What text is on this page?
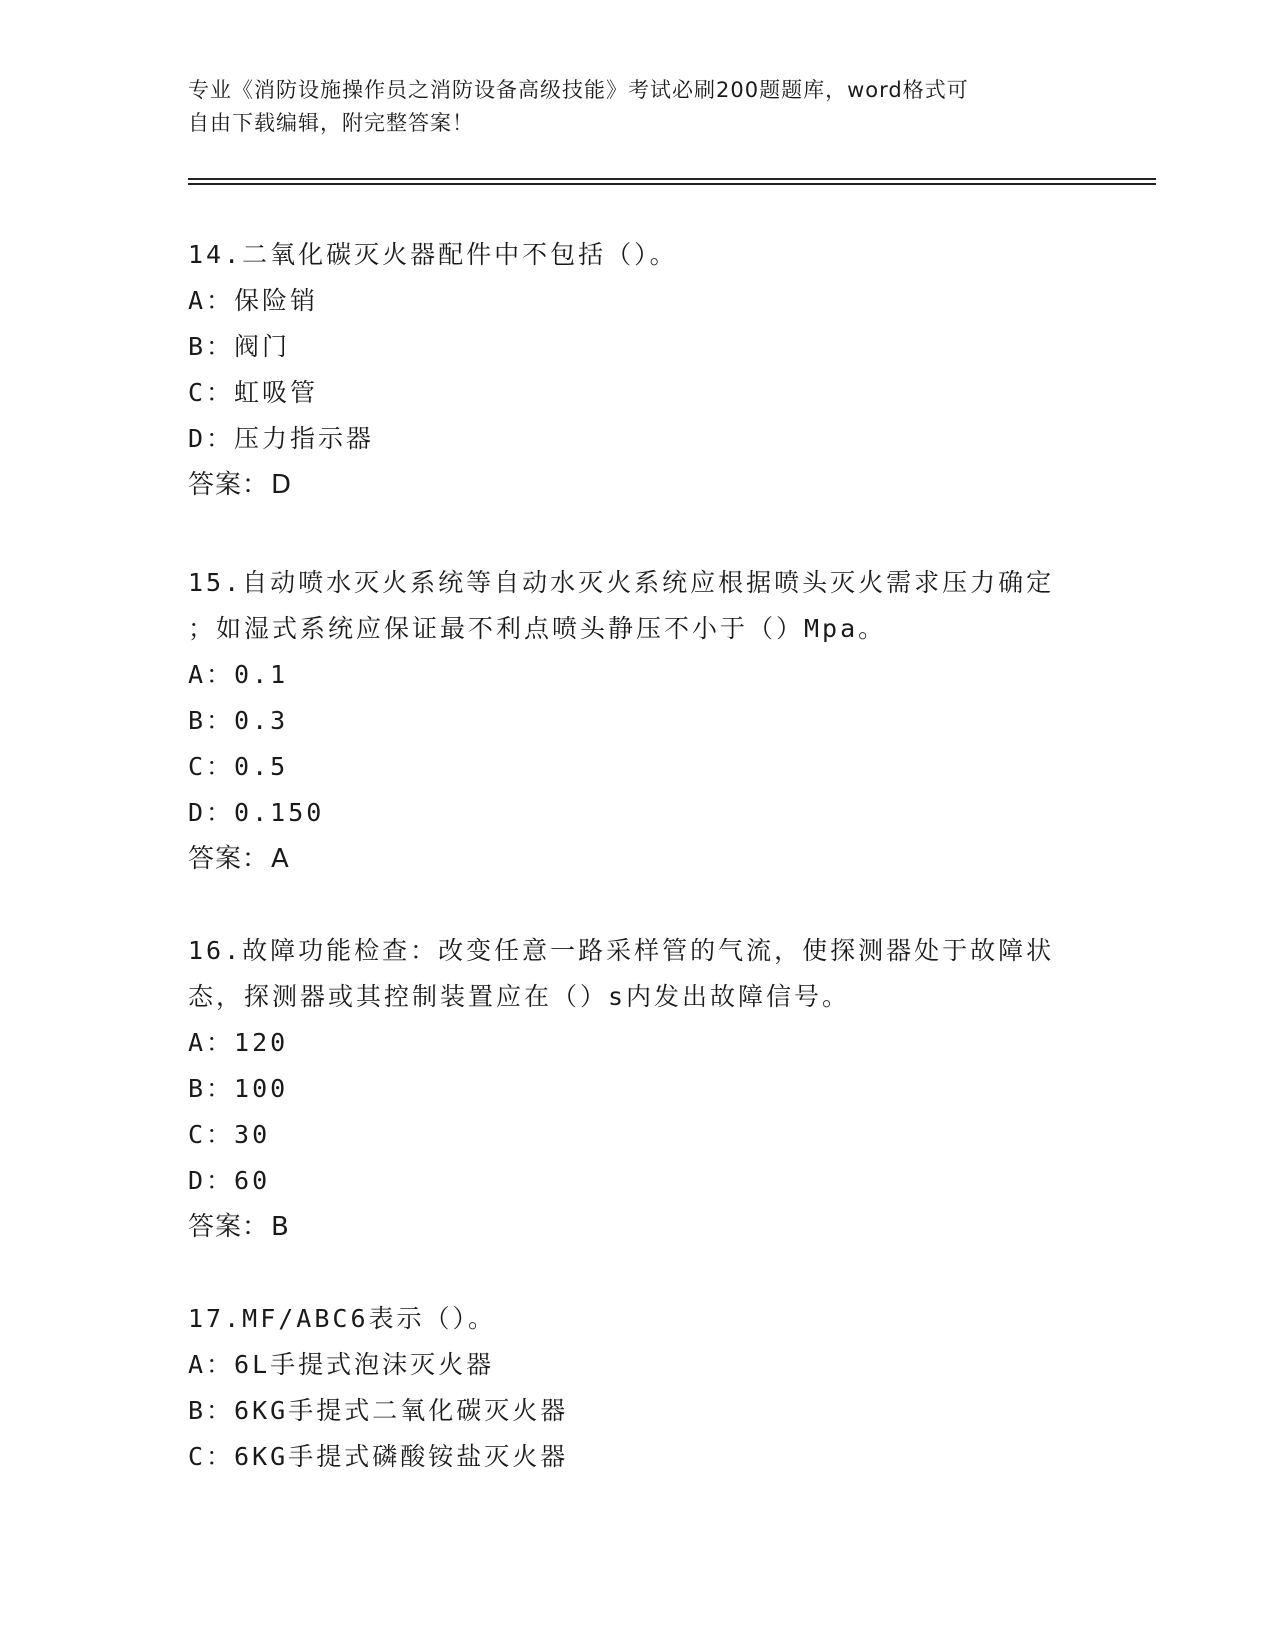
专业《消防设施操作员之消防设备高级技能》考试必刷200题题库，word格式可
自由下载编辑，附完整答案！
14.二氧化碳灭火器配件中不包括（）。
A：保险销
B：阀门
C：虹吸管
D：压力指示器
答案：D
15.自动喷水灭火系统等自动水灭火系统应根据喷头灭火需求压力确定
；如湿式系统应保证最不利点喷头静压不小于（）Mpa。
A：0.1
B：0.3
C：0.5
D：0.150
答案：A
16.故障功能检查：改变任意一路采样管的气流，使探测器处于故障状
态，探测器或其控制装置应在（）s内发出故障信号。
A：120
B：100
C：30
D：60
答案：B
17.MF/ABC6表示（）。
A：6L手提式泡沫灭火器
B：6KG手提式二氧化碳灭火器
C：6KG手提式磷酸铵盐灭火器
